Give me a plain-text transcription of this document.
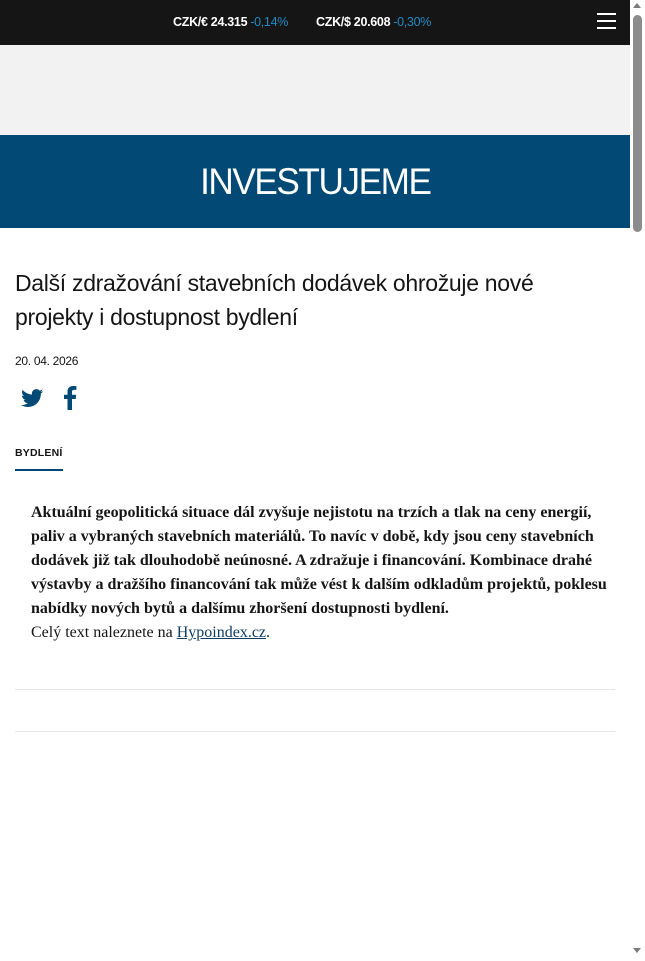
CZK/€ 24.315 -0,14% CZK/$ 20.608 -0,30%
INVESTUJEME
Další zdražování stavebních dodávek ohrožuje nové projekty i dostupnost bydlení
20. 04. 2026
BYDLENÍ

Aktuální geopolitická situace dál zvyšuje nejistotu na trzích a tlak na ceny energií, paliv a vybraných stavebních materiálů. To navíc v době, kdy jsou ceny stavebních dodávek již tak dlouhodobě neúnosné. A zdražuje i financování. Kombinace drahé výstavby a dražšího financování tak může vést k dalším odkladům projektů, poklesu nabídky nových bytů a dalšímu zhoršení dostupnosti bydlení.
Celý text naleznete na Hypoindex.cz.
